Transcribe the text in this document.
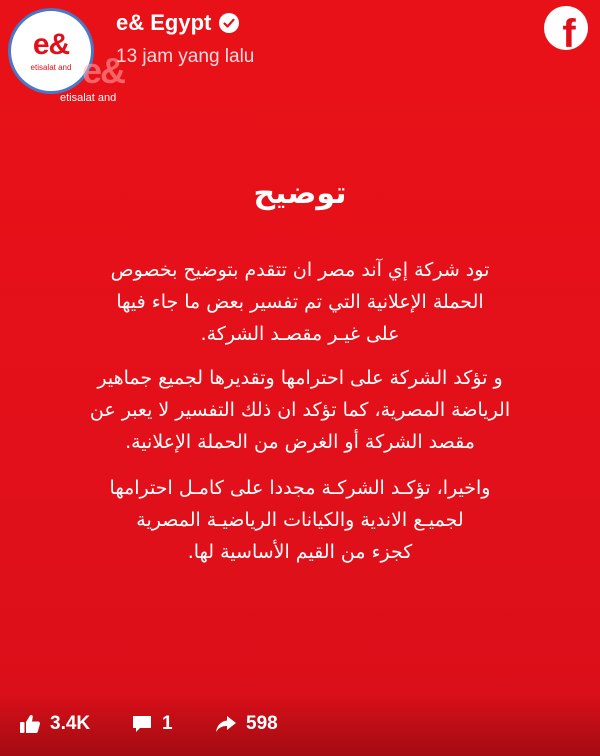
e&
etisalat and e&
etisalat and
e& Egypt
13 jam yang lalu
f
توضيح
تود شركة إي آند مصر ان تتقدم بتوضيح بخصوص
الحملة الإعلانية التي تم تفسير بعض ما جاء فيها
على غيـر مقصـد الشركة.
و تؤكد الشركة على احترامها وتقديرها لجميع جماهير
الرياضة المصرية، كما تؤكد ان ذلك التفسير لا يعبر عن
مقصد الشركة أو الغرض من الحملة الإعلانية.
واخيرا، تؤكـد الشركـة مجددا على كامـل احترامها
لجميـع الاندية والكيانات الرياضيـة المصرية
كجزء من القيم الأساسية لها.
3.4K	1	598
